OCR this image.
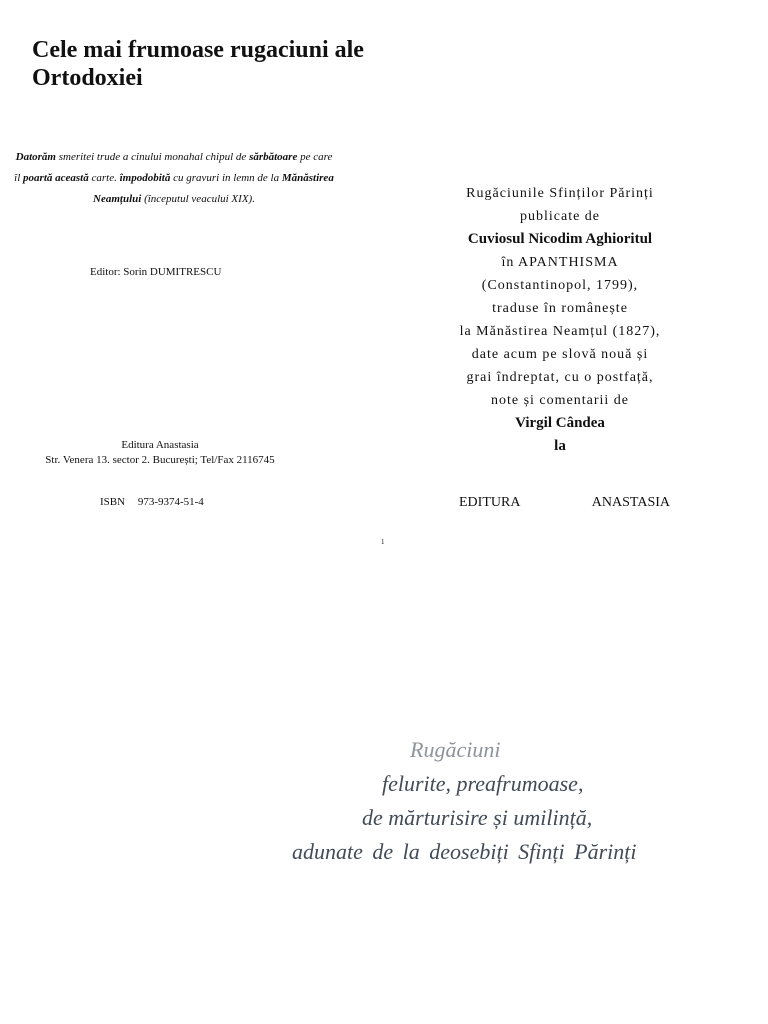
Cele mai frumoase rugaciuni ale Ortodoxiei
Datorăm smeritei trude a cinului monahal chipul de sărbătoare pe care îl poartă această carte. împodobită cu gravuri in lemn de la Mănăstirea Neamțului (începutul veacului XIX).
Editor: Sorin DUMITRESCU
Editura Anastasia
Str. Venera 13. sector 2. București; Tel/Fax 2116745
ISBN 973-9374-51-4
Rugăciunile Sfinților Părinți
publicate de
Cuviosul Nicodim Aghioritul
în APANTHISMA
(Constantinopol, 1799),
traduse în românește
la Mănăstirea Neamțul (1827),
date acum pe slovă nouă și
grai îndreptat, cu o postfață,
note și comentarii de
Virgil Cândea
la
EDITURA	ANASTASIA
1
Rugăciuni
felurite, preafrumoase,
de mărturisire și umilință,
adunate de la deosebiți Sfinți Părinți
